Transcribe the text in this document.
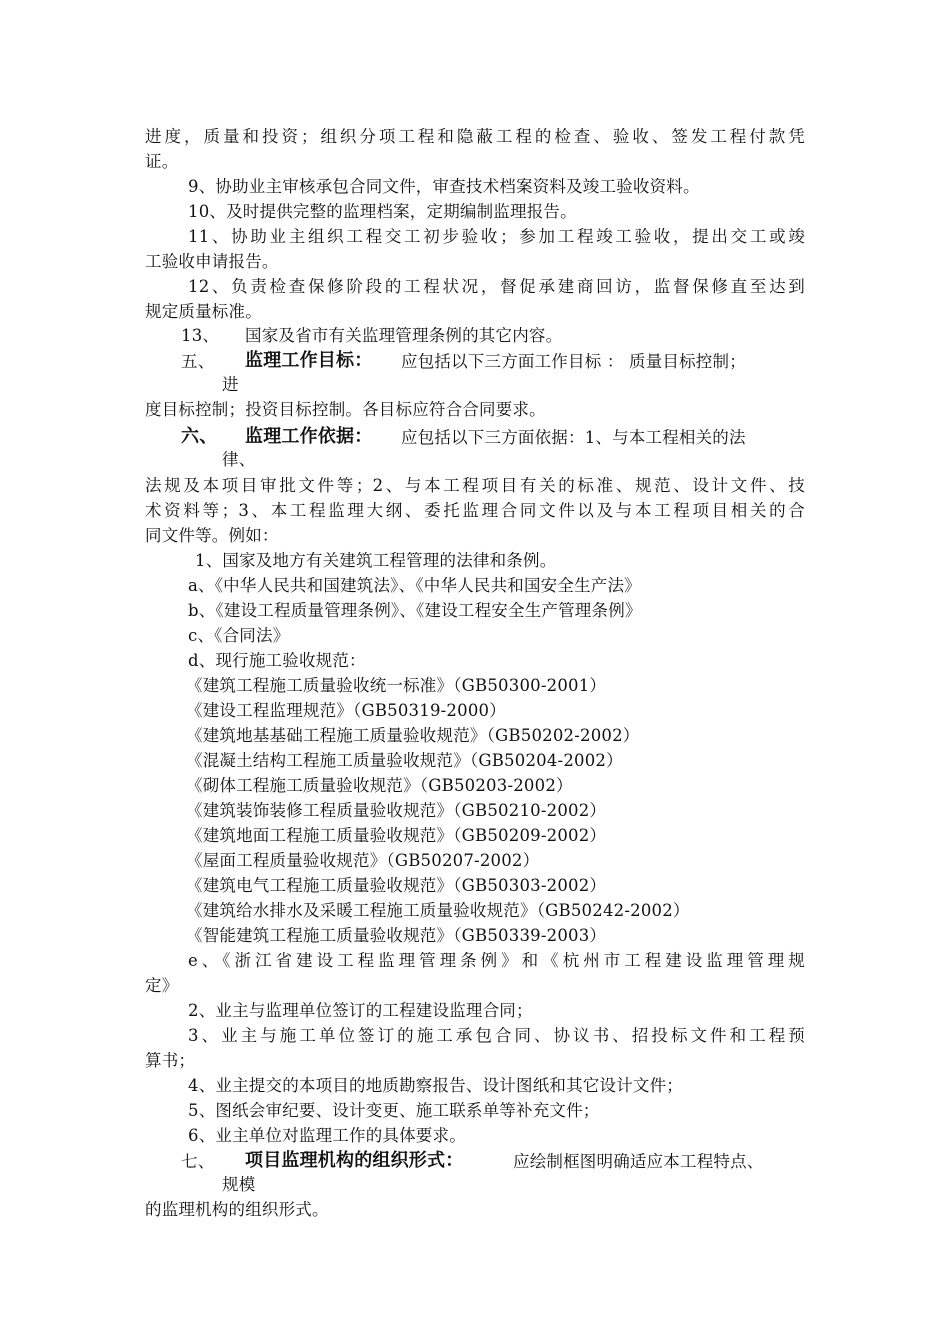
进度，质量和投资；组织分项工程和隐蔽工程的检查、验收、签发工程付款凭
证。
9、协助业主审核承包合同文件，审查技术档案资料及竣工验收资料。
10、及时提供完整的监理档案，定期编制监理报告。
11、协助业主组织工程交工初步验收；参加工程竣工验收，提出交工或竣
工验收申请报告。
12、负责检查保修阶段的工程状况，督促承建商回访，监督保修直至达到
规定质量标准。
13、 国家及省市有关监理管理条例的其它内容。
五、 监理工作目标： 应包括以下三方面工作目标 ： 质量目标控制；
进
度目标控制；投资目标控制。各目标应符合合同要求。
六、 监理工作依据： 应包括以下三方面依据：1、与本工程相关的法
律、
法规及本项目审批文件等；2、与本工程项目有关的标准、规范、设计文件、技
术资料等；3、本工程监理大纲、委托监理合同文件以及与本工程项目相关的合
同文件等。例如：
1、国家及地方有关建筑工程管理的法律和条例。
a、《中华人民共和国建筑法》、《中华人民共和国安全生产法》
b、《建设工程质量管理条例》、《建设工程安全生产管理条例》
c、《合同法》
d、现行施工验收规范：
《建筑工程施工质量验收统一标准》（GB50300-2001）
《建设工程监理规范》（GB50319-2000）
《建筑地基基础工程施工质量验收规范》（GB50202-2002）
《混凝土结构工程施工质量验收规范》（GB50204-2002）
《砌体工程施工质量验收规范》（GB50203-2002）
《建筑装饰装修工程质量验收规范》（GB50210-2002）
《建筑地面工程施工质量验收规范》（GB50209-2002）
《屋面工程质量验收规范》（GB50207-2002）
《建筑电气工程施工质量验收规范》（GB50303-2002）
《建筑给水排水及采暖工程施工质量验收规范》（GB50242-2002）
《智能建筑工程施工质量验收规范》（GB50339-2003）
e、《浙江省建设工程监理管理条例》和《杭州市工程建设监理管理规
定》
2、业主与监理单位签订的工程建设监理合同；
3、业主与施工单位签订的施工承包合同、协议书、招投标文件和工程预
算书；
4、业主提交的本项目的地质勘察报告、设计图纸和其它设计文件；
5、图纸会审纪要、设计变更、施工联系单等补充文件；
6、业主单位对监理工作的具体要求。
七、 项目监理机构的组织形式：	应绘制框图明确适应本工程特点、
规模
的监理机构的组织形式。
